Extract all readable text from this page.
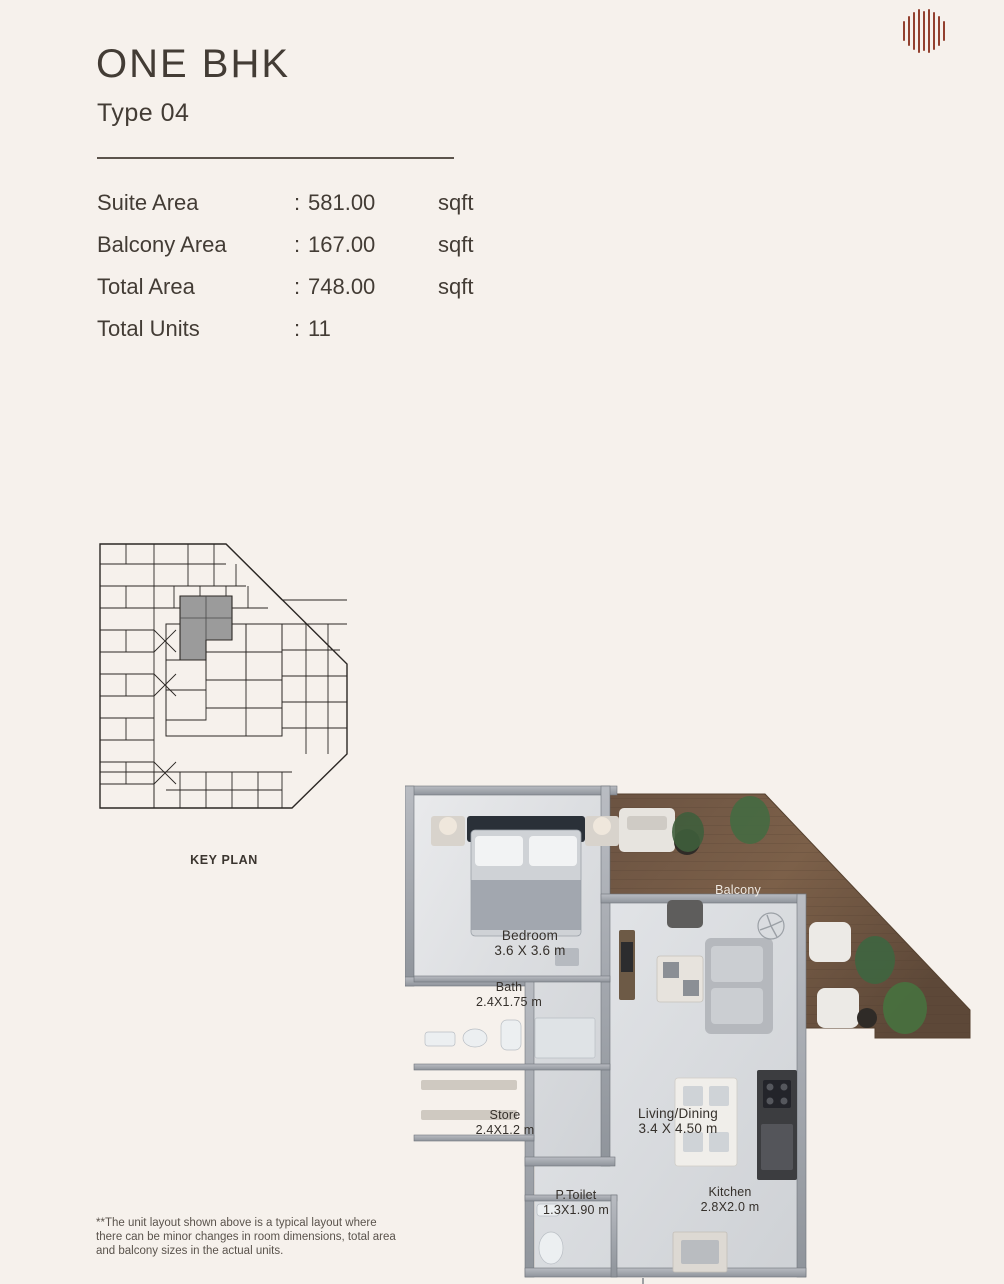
ONE BHK
Type 04
Suite Area	: 581.00	sqft
Balcony Area	: 167.00	sqft
Total Area	: 748.00	sqft
Total Units	: 11
KEY PLAN
**The unit layout shown above is a typical layout where there can be minor changes in room dimensions, total area and balcony sizes in the actual units.
Bedroom
3.6 X 3.6 m
Bath
2.4X1.75 m
Store
2.4X1.2 m
P.Toilet
1.3X1.90 m
Living/Dining
3.4 X 4.50 m
Kitchen
2.8X2.0 m
Balcony
